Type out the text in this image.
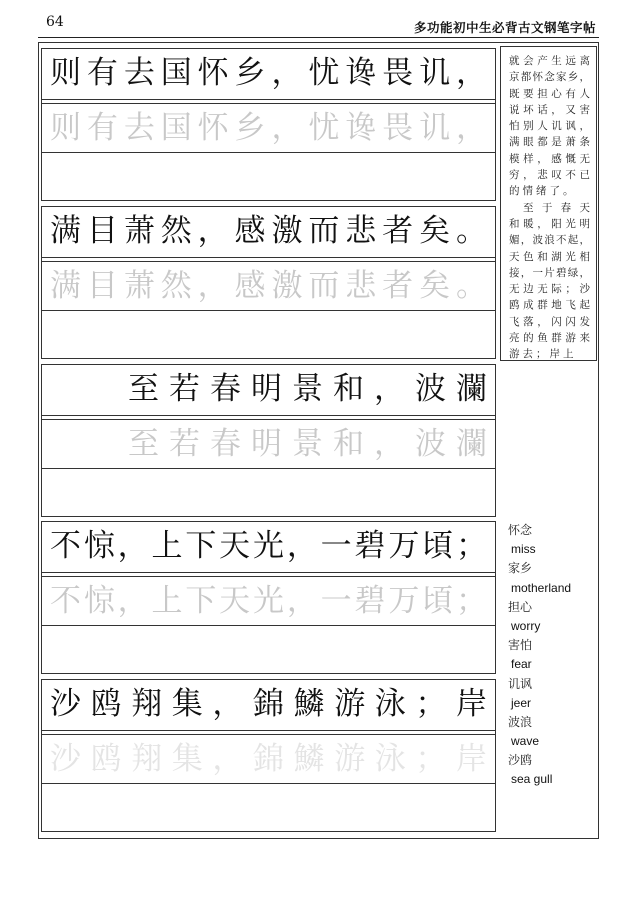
64	多功能初中生必背古文钢笔字帖
则有去国怀乡，忧谗畏讥，
则有去国怀乡，忧谗畏讥，
满目萧然，感激而悲者矣。
满目萧然，感激而悲者矣。
至若春明景和，波瀾
至若春明景和，波瀾
不惊，上下天光，一碧万頃；
不惊，上下天光，一碧万頃；
沙鸥翔集，錦鱗游泳；岸
沙鸥翔集，錦鱗游泳；岸
就会产生远离
京都怀念家乡，
既要担心有人
说坏话，又害
怕别人讥讽，
满眼都是萧条
模样，感慨无
穷，悲叹不已
的情绪了。
至于春天
和暖，阳光明
媚，波浪不起，
天色和湖光相
接，一片碧绿，
无边无际；沙
鸥成群地飞起
飞落，闪闪发
亮的鱼群游来
游去；岸上
怀念
miss
家乡
motherland
担心
worry
害怕
fear
讥讽
jeer
波浪
wave
沙鸥
sea gull
